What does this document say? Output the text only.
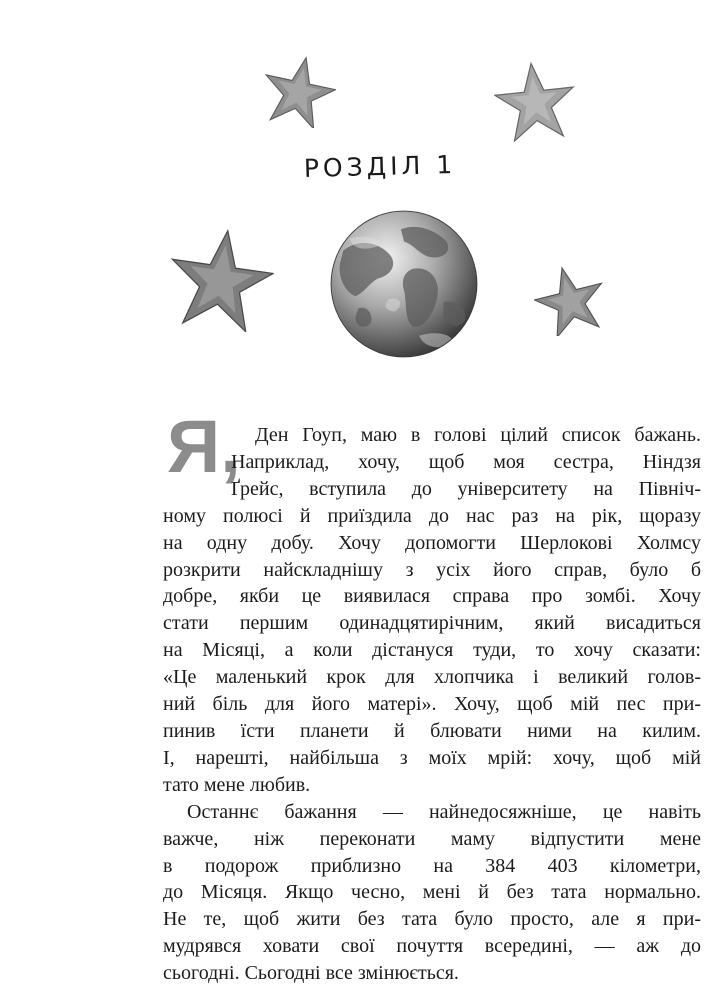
РОЗДІЛ 1
Я, Ден Гоуп, маю в голові цілий список бажань.
Наприклад, хочу, щоб моя сестра, Ніндзя
Ґрейс, вступила до університету на Північ-
ному полюсі й приїздила до нас раз на рік, щоразу
на одну добу. Хочу допомогти Шерлокові Холмсу
розкрити найскладнішу з усіх його справ, було б
добре, якби це виявилася справа про зомбі. Хочу
стати першим одинадцятирічним, який висадиться
на Місяці, а коли дістануся туди, то хочу сказати:
«Це маленький крок для хлопчика і великий голов-
ний біль для його матері». Хочу, щоб мій пес при-
пинив їсти планети й блювати ними на килим.
І, нарешті, найбільша з моїх мрій: хочу, щоб мій
тато мене любив.
Останнє бажання — найнедосяжніше, це навіть
важче, ніж переконати маму відпустити мене
в подорож приблизно на 384 403 кілометри,
до Місяця. Якщо чесно, мені й без тата нормально.
Не те, щоб жити без тата було просто, але я при-
мудрявся ховати свої почуття всередині, — аж до
сьогодні. Сьогодні все змінюється.
